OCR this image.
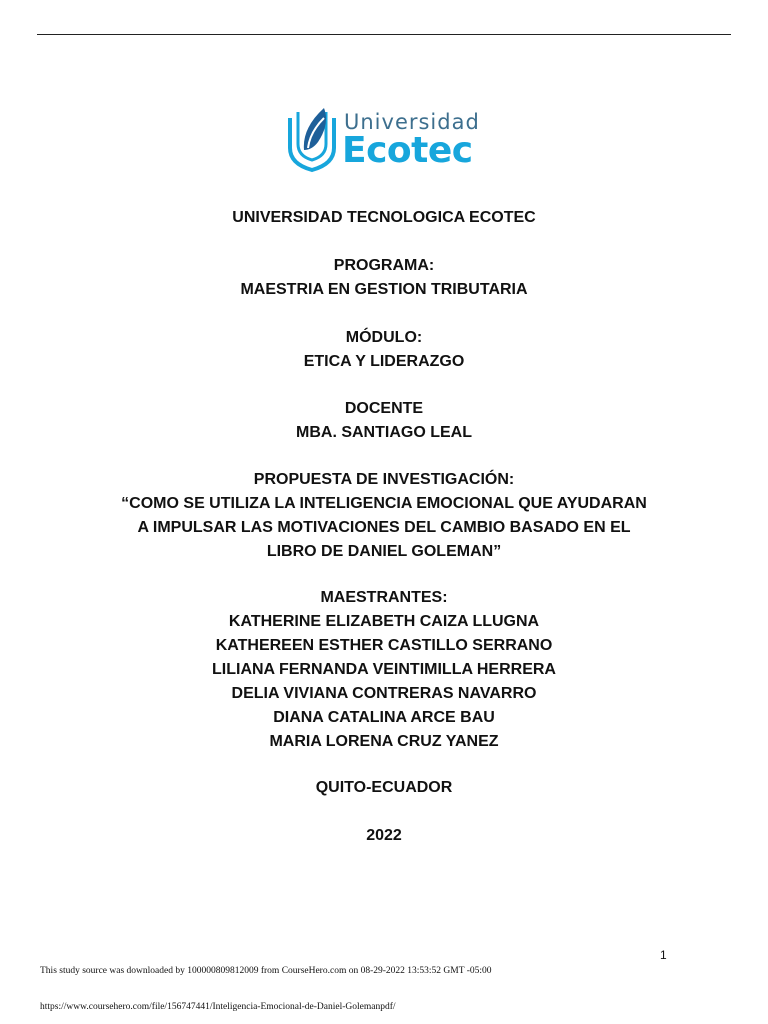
Universidad
Ecotec
UNIVERSIDAD TECNOLOGICA ECOTEC
PROGRAMA:
MAESTRIA EN GESTION TRIBUTARIA
MÓDULO:
ETICA Y LIDERAZGO
DOCENTE
MBA. SANTIAGO LEAL
PROPUESTA DE INVESTIGACIÓN:
“COMO SE UTILIZA LA INTELIGENCIA EMOCIONAL QUE AYUDARAN
A IMPULSAR LAS MOTIVACIONES DEL CAMBIO BASADO EN EL
LIBRO DE DANIEL GOLEMAN”
MAESTRANTES:
KATHERINE ELIZABETH CAIZA LLUGNA
KATHEREEN ESTHER CASTILLO SERRANO
LILIANA FERNANDA VEINTIMILLA HERRERA
DELIA VIVIANA CONTRERAS NAVARRO
DIANA CATALINA ARCE BAU
MARIA LORENA CRUZ YANEZ
QUITO-ECUADOR
2022
1
This study source was downloaded by 100000809812009 from CourseHero.com on 08-29-2022 13:53:52 GMT -05:00
https://www.coursehero.com/file/156747441/Inteligencia-Emocional-de-Daniel-Golemanpdf/
